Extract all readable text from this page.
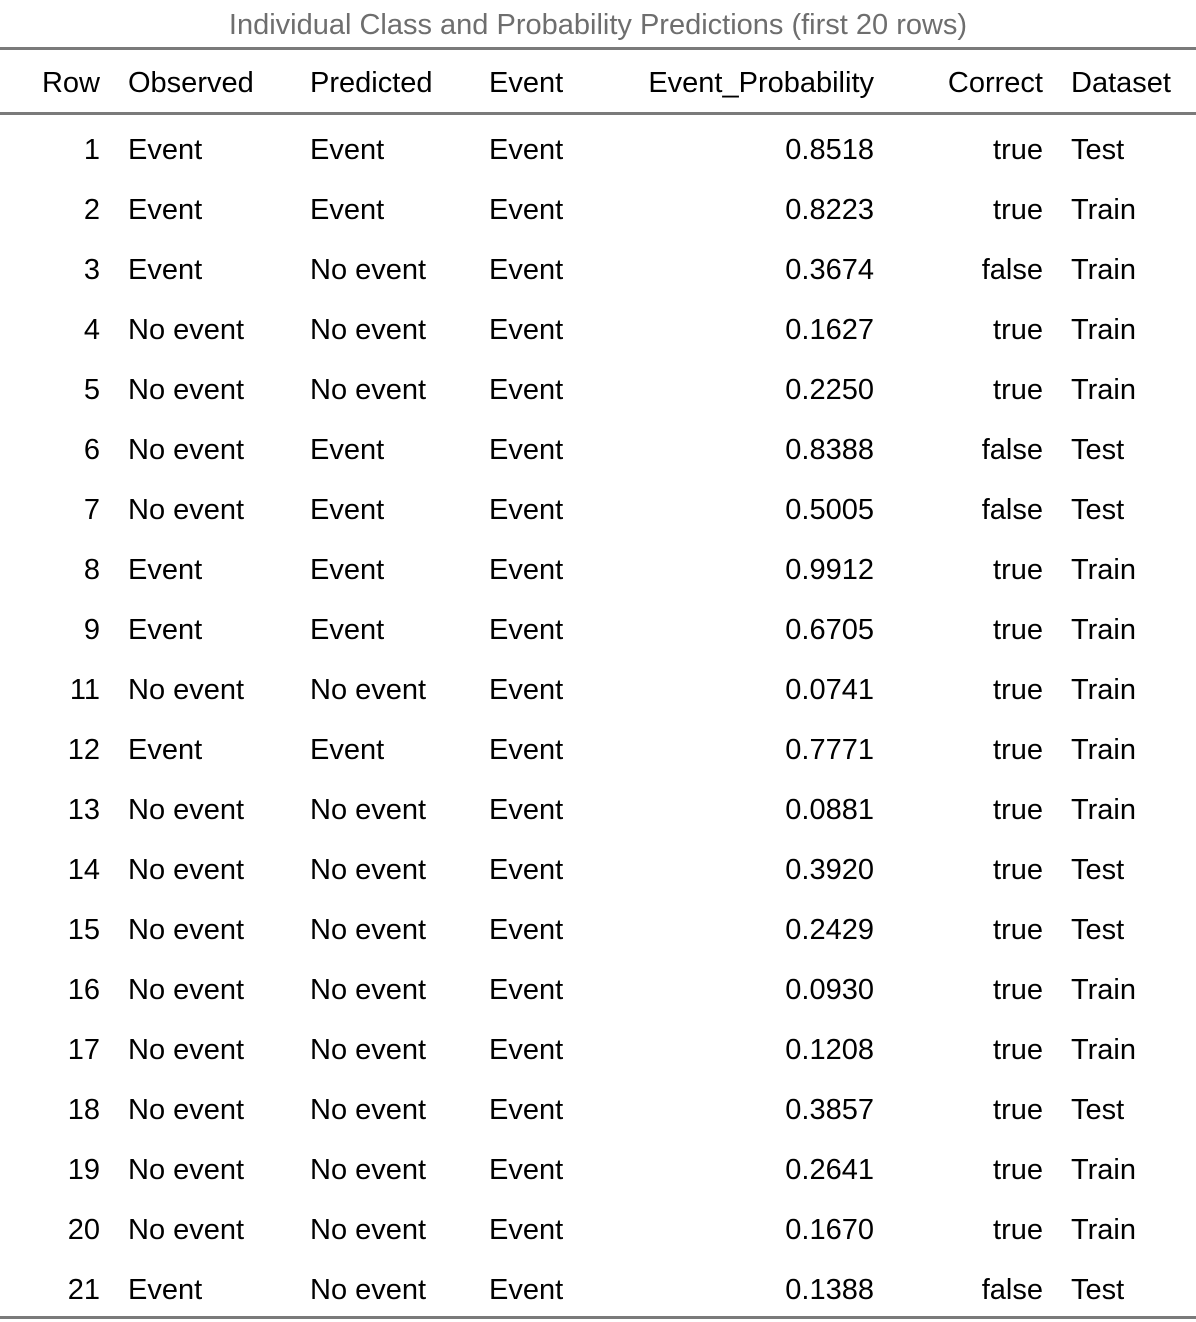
Individual Class and Probability Predictions (first 20 rows)
Row	Observed	Predicted	Event	Event_Probability	Correct	Dataset
1	Event	Event	Event	0.8518	true	Test
2	Event	Event	Event	0.8223	true	Train
3	Event	No event	Event	0.3674	false	Train
4	No event	No event	Event	0.1627	true	Train
5	No event	No event	Event	0.2250	true	Train
6	No event	Event	Event	0.8388	false	Test
7	No event	Event	Event	0.5005	false	Test
8	Event	Event	Event	0.9912	true	Train
9	Event	Event	Event	0.6705	true	Train
11	No event	No event	Event	0.0741	true	Train
12	Event	Event	Event	0.7771	true	Train
13	No event	No event	Event	0.0881	true	Train
14	No event	No event	Event	0.3920	true	Test
15	No event	No event	Event	0.2429	true	Test
16	No event	No event	Event	0.0930	true	Train
17	No event	No event	Event	0.1208	true	Train
18	No event	No event	Event	0.3857	true	Test
19	No event	No event	Event	0.2641	true	Train
20	No event	No event	Event	0.1670	true	Train
21	Event	No event	Event	0.1388	false	Test
